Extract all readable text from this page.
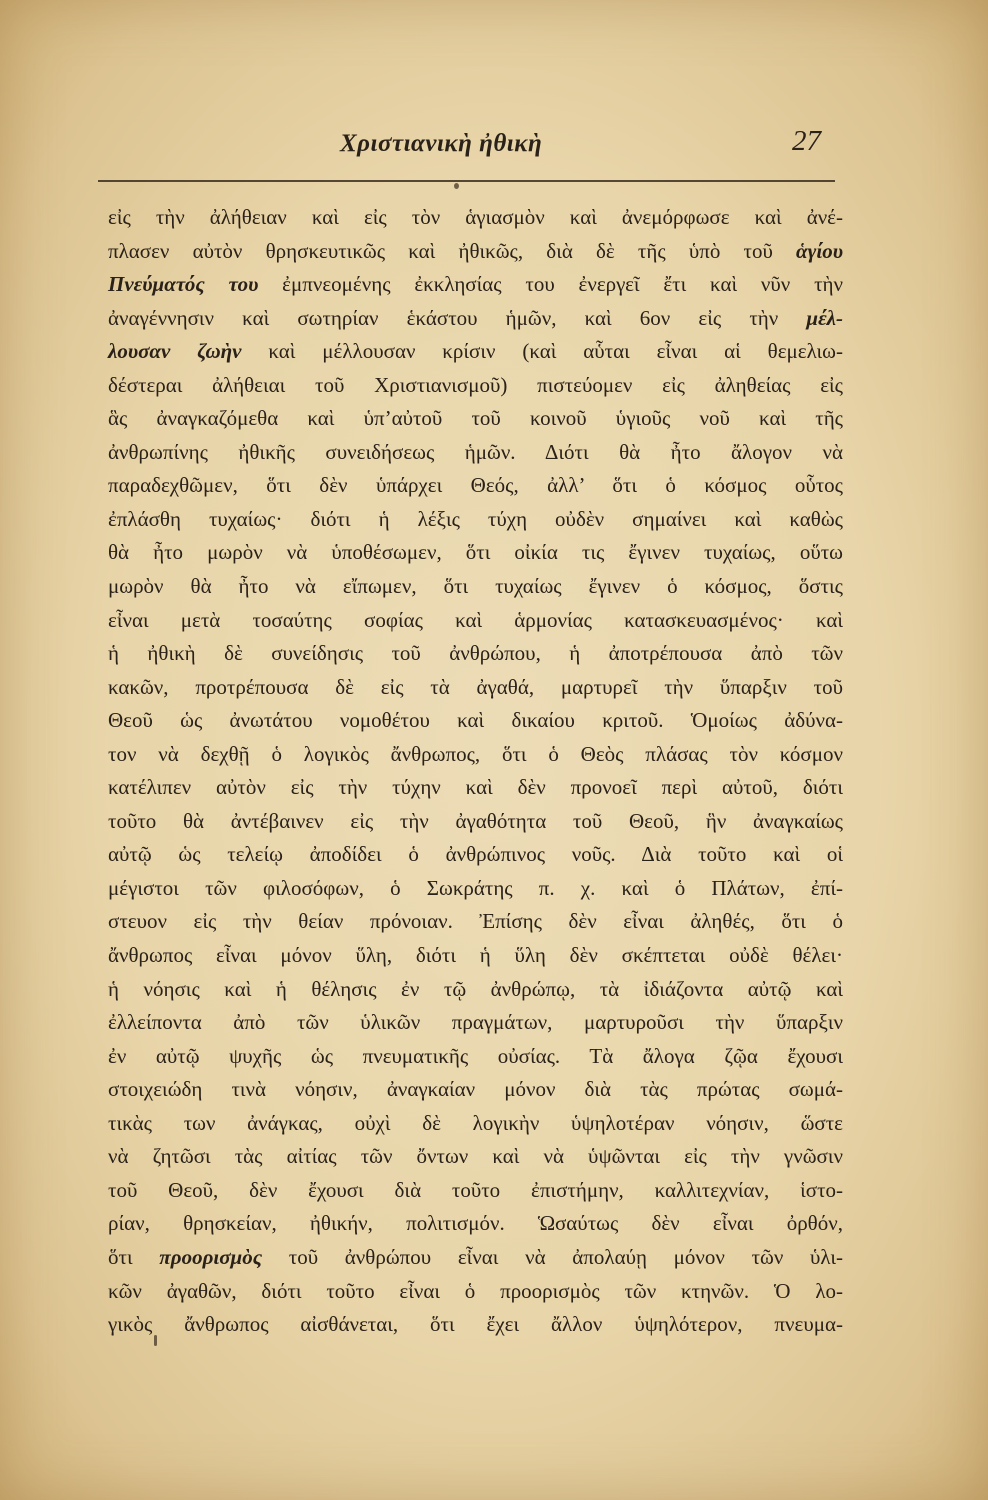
Χριστιανικὴ ἠθικὴ	27
εἰς τὴν ἀλήθειαν καὶ εἰς τὸν ἁγιασμὸν καὶ ἀνεμόρφωσε καὶ ἀνέ-
πλασεν αὐτὸν θρησκευτικῶς καὶ ἠθικῶς, διὰ δὲ τῆς ὑπὸ τοῦ ἁγίου
Πνεύματός του ἐμπνεομένης ἐκκλησίας του ἐνεργεῖ ἔτι καὶ νῦν τὴν
ἀναγέννησιν καὶ σωτηρίαν ἑκάστου ἡμῶν, καὶ 6ον εἰς τὴν μέλ-
λουσαν ζωὴν καὶ μέλλουσαν κρίσιν (καὶ αὗται εἶναι αἱ θεμελιω-
δέστεραι ἀλήθειαι τοῦ Χριστιανισμοῦ) πιστεύομεν εἰς ἀληθείας εἰς
ἃς ἀναγκαζόμεθα καὶ ὑπ’αὐτοῦ τοῦ κοινοῦ ὑγιοῦς νοῦ καὶ τῆς
ἀνθρωπίνης ἠθικῆς συνειδήσεως ἡμῶν. Διότι θὰ ἦτο ἄλογον νὰ
παραδεχθῶμεν, ὅτι δὲν ὑπάρχει Θεός, ἀλλ’ ὅτι ὁ κόσμος οὗτος
ἐπλάσθη τυχαίως· διότι ἡ λέξις τύχη οὐδὲν σημαίνει καὶ καθὼς
θὰ ἦτο μωρὸν νὰ ὑποθέσωμεν, ὅτι οἰκία τις ἔγινεν τυχαίως, οὕτω
μωρὸν θὰ ἦτο νὰ εἴπωμεν, ὅτι τυχαίως ἔγινεν ὁ κόσμος, ὅστις
εἶναι μετὰ τοσαύτης σοφίας καὶ ἁρμονίας κατασκευασμένος· καὶ
ἡ ἠθικὴ δὲ συνείδησις τοῦ ἀνθρώπου, ἡ ἀποτρέπουσα ἀπὸ τῶν
κακῶν, προτρέπουσα δὲ εἰς τὰ ἀγαθά, μαρτυρεῖ τὴν ὕπαρξιν τοῦ
Θεοῦ ὡς ἀνωτάτου νομοθέτου καὶ δικαίου κριτοῦ. Ὁμοίως ἀδύνα-
τον νὰ δεχθῇ ὁ λογικὸς ἄνθρωπος, ὅτι ὁ Θεὸς πλάσας τὸν κόσμον
κατέλιπεν αὐτὸν εἰς τὴν τύχην καὶ δὲν προνοεῖ περὶ αὐτοῦ, διότι
τοῦτο θὰ ἀντέβαινεν εἰς τὴν ἀγαθότητα τοῦ Θεοῦ, ἣν ἀναγκαίως
αὐτῷ ὡς τελείῳ ἀποδίδει ὁ ἀνθρώπινος νοῦς. Διὰ τοῦτο καὶ οἱ
μέγιστοι τῶν φιλοσόφων, ὁ Σωκράτης π. χ. καὶ ὁ Πλάτων, ἐπί-
στευον εἰς τὴν θείαν πρόνοιαν. Ἐπίσης δὲν εἶναι ἀληθές, ὅτι ὁ
ἄνθρωπος εἶναι μόνον ὕλη, διότι ἡ ὕλη δὲν σκέπτεται οὐδὲ θέλει·
ἡ νόησις καὶ ἡ θέλησις ἐν τῷ ἀνθρώπῳ, τὰ ἰδιάζοντα αὐτῷ καὶ
ἐλλείποντα ἀπὸ τῶν ὑλικῶν πραγμάτων, μαρτυροῦσι τὴν ὕπαρξιν
ἐν αὐτῷ ψυχῆς ὡς πνευματικῆς οὐσίας. Τὰ ἄλογα ζῷα ἔχουσι
στοιχειώδη τινὰ νόησιν, ἀναγκαίαν μόνον διὰ τὰς πρώτας σωμά-
τικὰς των ἀνάγκας, οὐχὶ δὲ λογικὴν ὑψηλοτέραν νόησιν, ὥστε
νὰ ζητῶσι τὰς αἰτίας τῶν ὄντων καὶ νὰ ὑψῶνται εἰς τὴν γνῶσιν
τοῦ Θεοῦ, δὲν ἔχουσι διὰ τοῦτο ἐπιστήμην, καλλιτεχνίαν, ἱστο-
ρίαν, θρησκείαν, ἠθικήν, πολιτισμόν. Ὡσαύτως δὲν εἶναι ὀρθόν,
ὅτι προορισμὸς τοῦ ἀνθρώπου εἶναι νὰ ἀπολαύῃ μόνον τῶν ὑλι-
κῶν ἀγαθῶν, διότι τοῦτο εἶναι ὁ προορισμὸς τῶν κτηνῶν. Ὁ λο-
γικὸς ἄνθρωπος αἰσθάνεται, ὅτι ἔχει ἄλλον ὑψηλότερον, πνευμα-
